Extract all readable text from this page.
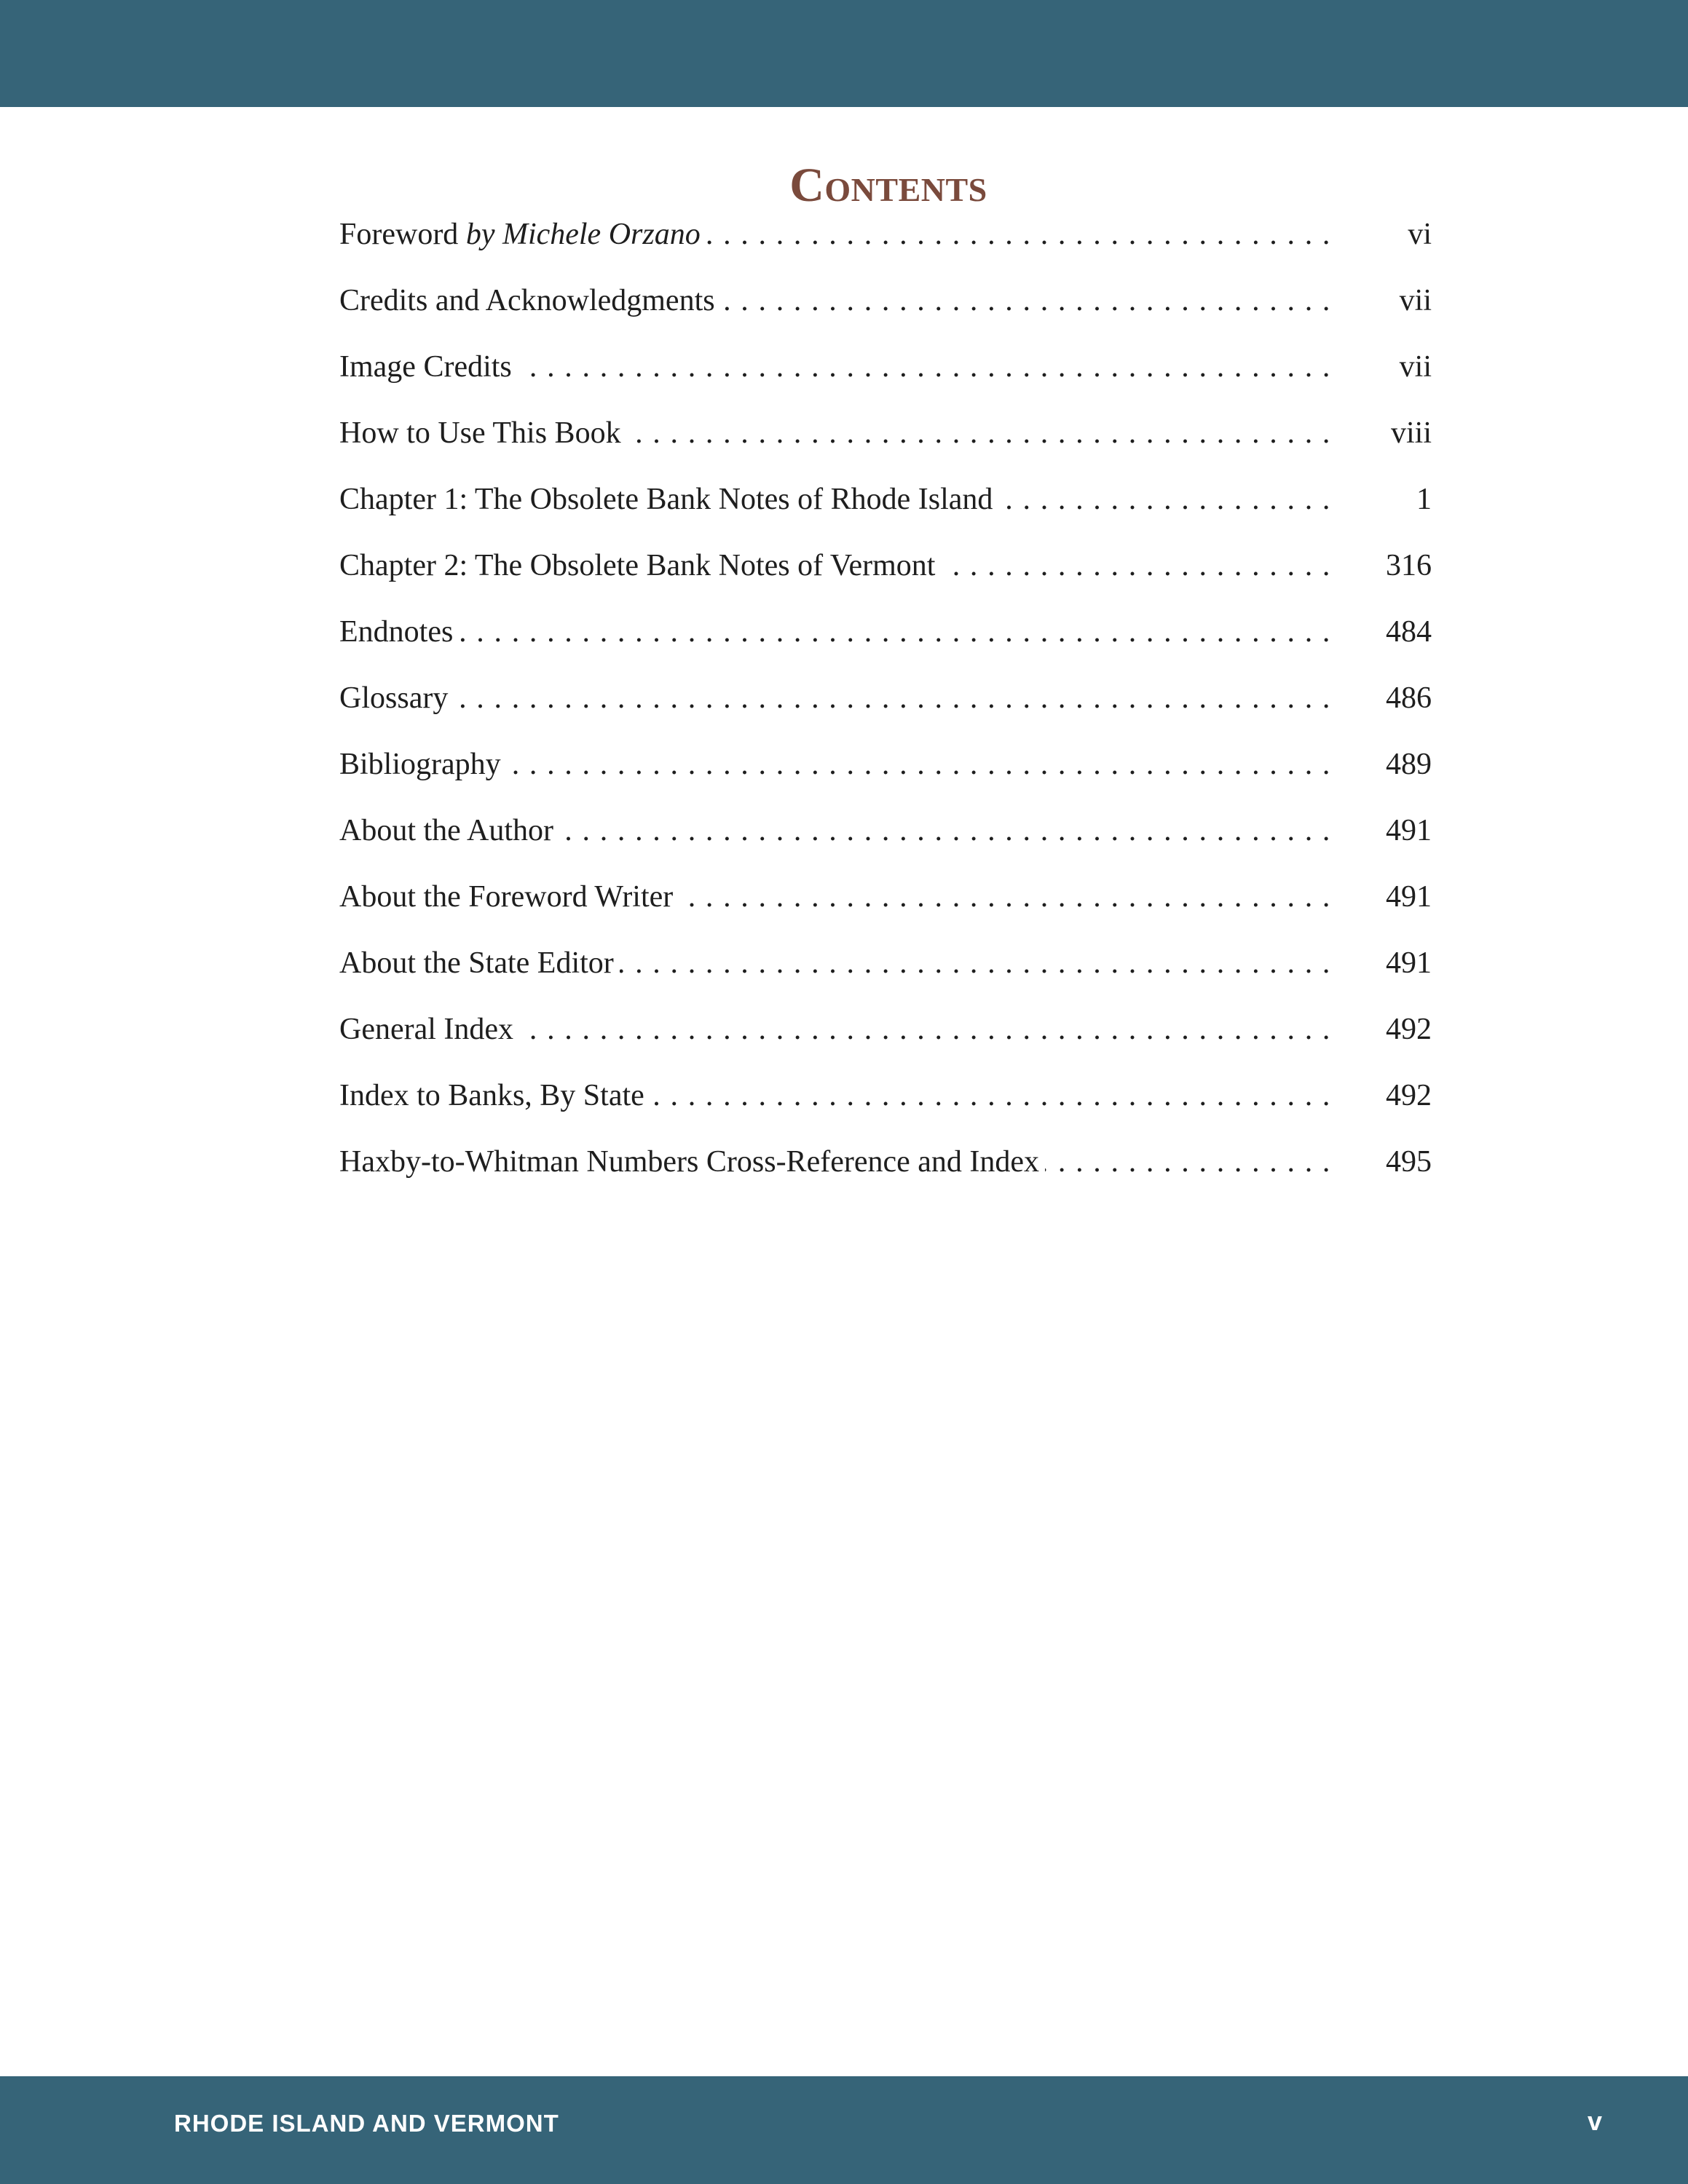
Contents
Foreword by Michele Orzano . . .	vi
Credits and Acknowledgments . . .	vii
Image Credits . . .	vii
How to Use This Book . . .	viii
Chapter 1: The Obsolete Bank Notes of Rhode Island . . .	1
Chapter 2: The Obsolete Bank Notes of Vermont . . .	316
Endnotes . . .	484
Glossary . . .	486
Bibliography . . .	489
About the Author . . .	491
About the Foreword Writer . . .	491
About the State Editor . . .	491
General Index . . .	492
Index to Banks, By State . . .	492
Haxby-to-Whitman Numbers Cross-Reference and Index . . .	495
RHODE ISLAND AND VERMONT	v
